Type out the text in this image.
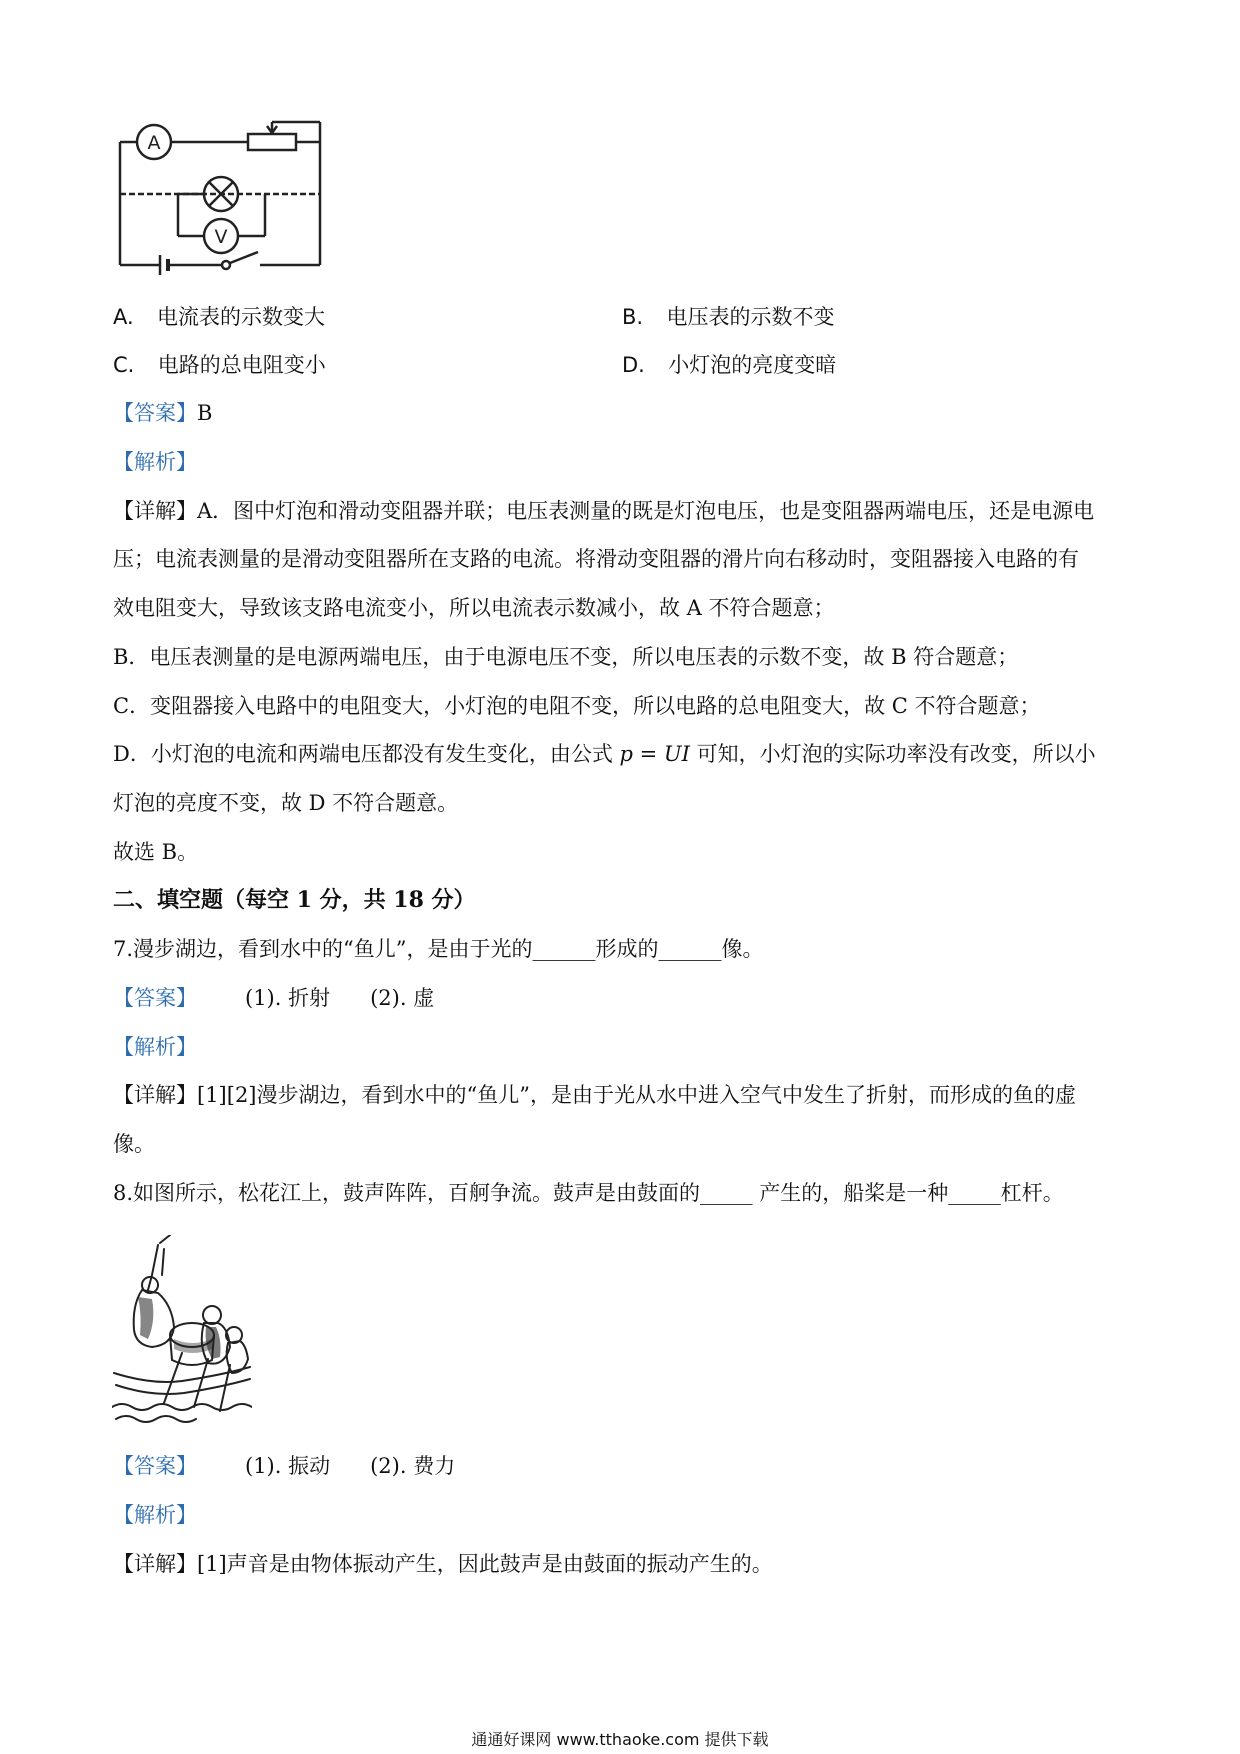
A
V
A. 电流表的示数变大	B. 电压表的示数不变
C. 电路的总电阻变小	D. 小灯泡的亮度变暗
【答案】B
【解析】
【详解】A．图中灯泡和滑动变阻器并联；电压表测量的既是灯泡电压，也是变阻器两端电压，还是电源电
压；电流表测量的是滑动变阻器所在支路的电流。将滑动变阻器的滑片向右移动时，变阻器接入电路的有
效电阻变大，导致该支路电流变小，所以电流表示数减小，故 A 不符合题意；
B．电压表测量的是电源两端电压，由于电源电压不变，所以电压表的示数不变，故 B 符合题意；
C．变阻器接入电路中的电阻变大，小灯泡的电阻不变，所以电路的总电阻变大，故 C 不符合题意；
D．小灯泡的电流和两端电压都没有发生变化，由公式 p = UI 可知，小灯泡的实际功率没有改变，所以小
灯泡的亮度不变，故 D 不符合题意。
故选 B。
二、填空题（每空 1 分，共 18 分）
7.漫步湖边，看到水中的“鱼儿”，是由于光的______形成的______像。
【答案】 (1). 折射 (2). 虚
【解析】
【详解】[1][2]漫步湖边，看到水中的“鱼儿”，是由于光从水中进入空气中发生了折射，而形成的鱼的虚
像。
8.如图所示，松花江上，鼓声阵阵，百舸争流。鼓声是由鼓面的_____ 产生的，船桨是一种_____杠杆。
【答案】 (1). 振动 (2). 费力
【解析】
【详解】[1]声音是由物体振动产生，因此鼓声是由鼓面的振动产生的。
通通好课网 www.tthaoke.com 提供下载
